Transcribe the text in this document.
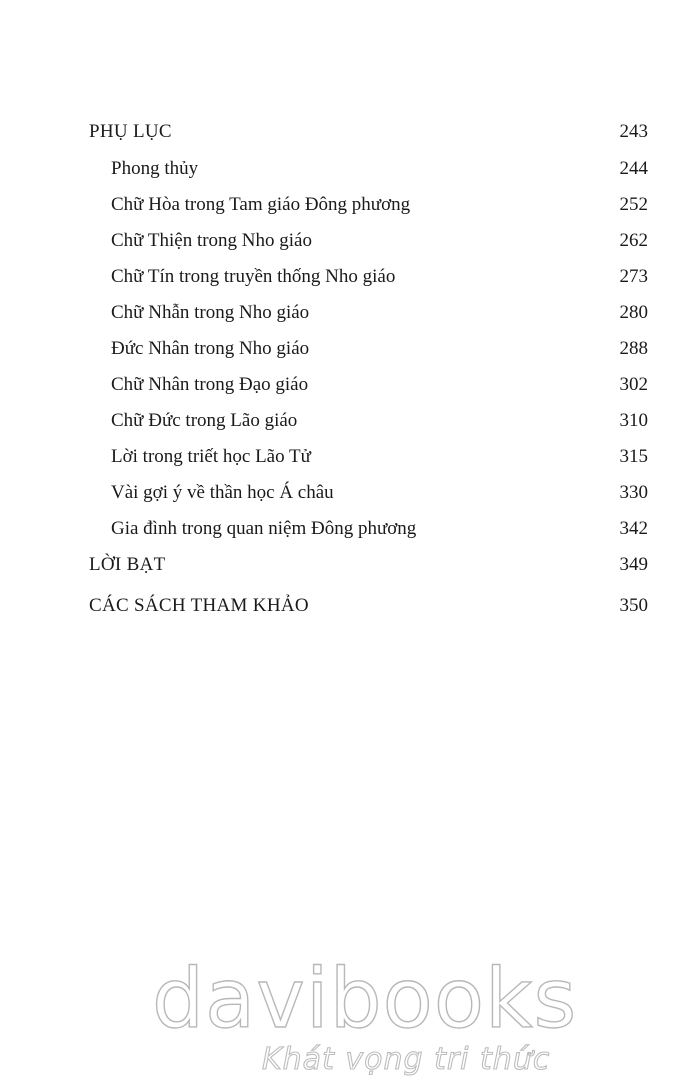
PHỤ LỤC	243
Phong thủy	244
Chữ Hòa trong Tam giáo Đông phương	252
Chữ Thiện trong Nho giáo	262
Chữ Tín trong truyền thống Nho giáo	273
Chữ Nhẫn trong Nho giáo	280
Đức Nhân trong Nho giáo	288
Chữ Nhân trong Đạo giáo	302
Chữ Đức trong Lão giáo	310
Lời trong triết học Lão Tử	315
Vài gợi ý về thần học Á châu	330
Gia đình trong quan niệm Đông phương	342
LỜI BẠT	349
CÁC SÁCH THAM KHẢO	350
davibooks
Khát vọng tri thức
